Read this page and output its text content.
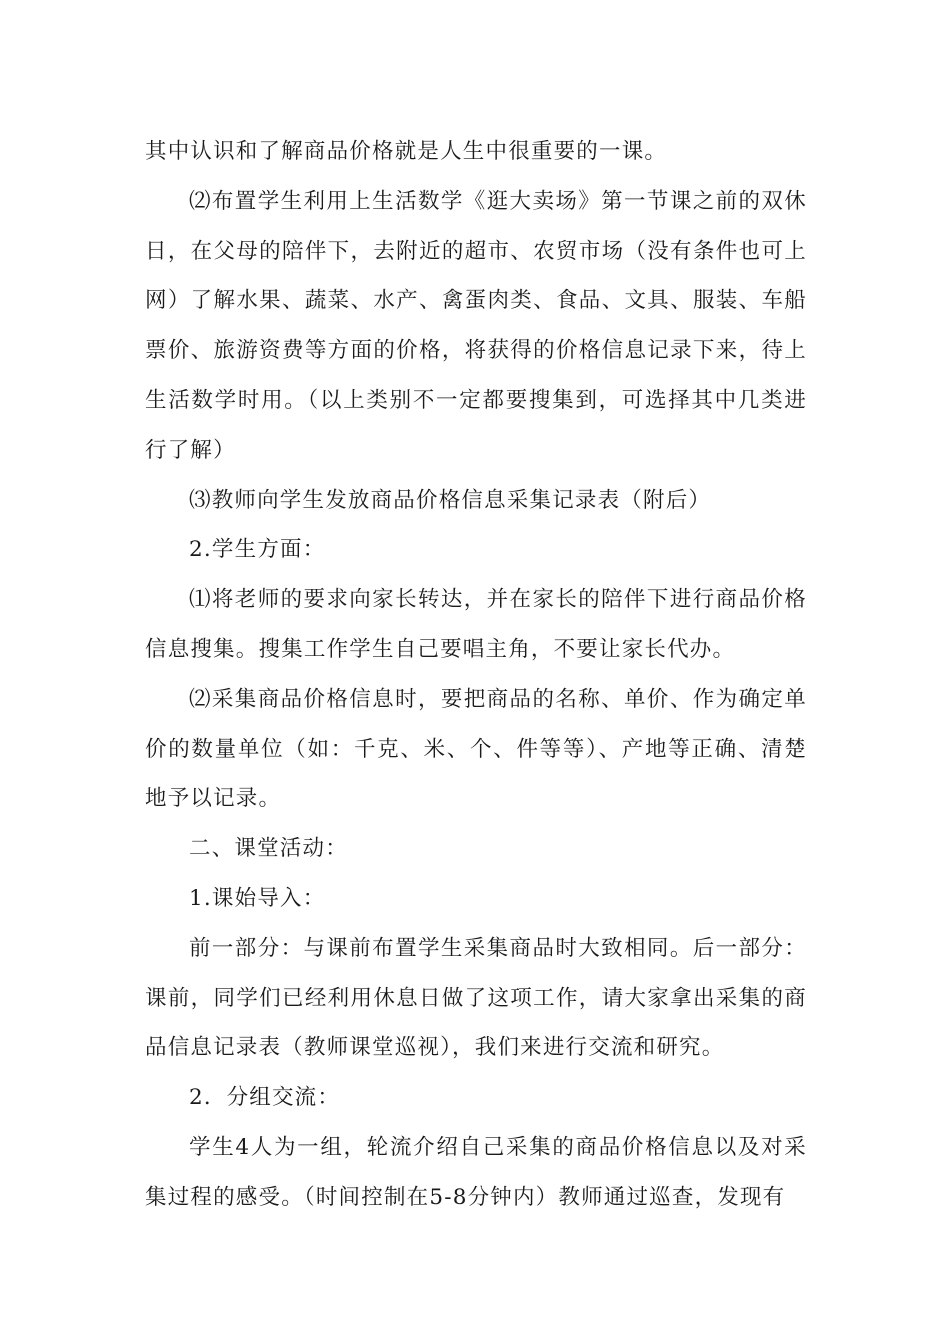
其中认识和了解商品价格就是人生中很重要的一课。

⑵布置学生利用上生活数学《逛大卖场》第一节课之前的双休日，在父母的陪伴下，去附近的超市、农贸市场（没有条件也可上网）了解水果、蔬菜、水产、禽蛋肉类、食品、文具、服装、车船票价、旅游资费等方面的价格，将获得的价格信息记录下来，待上生活数学时用。（以上类别不一定都要搜集到，可选择其中几类进行了解）

⑶教师向学生发放商品价格信息采集记录表（附后）

2.学生方面：

⑴将老师的要求向家长转达，并在家长的陪伴下进行商品价格信息搜集。搜集工作学生自己要唱主角，不要让家长代办。

⑵采集商品价格信息时，要把商品的名称、单价、作为确定单价的数量单位（如：千克、米、个、件等等）、产地等正确、清楚地予以记录。

二、课堂活动：

1.课始导入：

前一部分：与课前布置学生采集商品时大致相同。后一部分：课前，同学们已经利用休息日做了这项工作，请大家拿出采集的商品信息记录表（教师课堂巡视），我们来进行交流和研究。

2．分组交流：

学生4人为一组，轮流介绍自己采集的商品价格信息以及对采集过程的感受。（时间控制在5-8分钟内）教师通过巡查，发现有
